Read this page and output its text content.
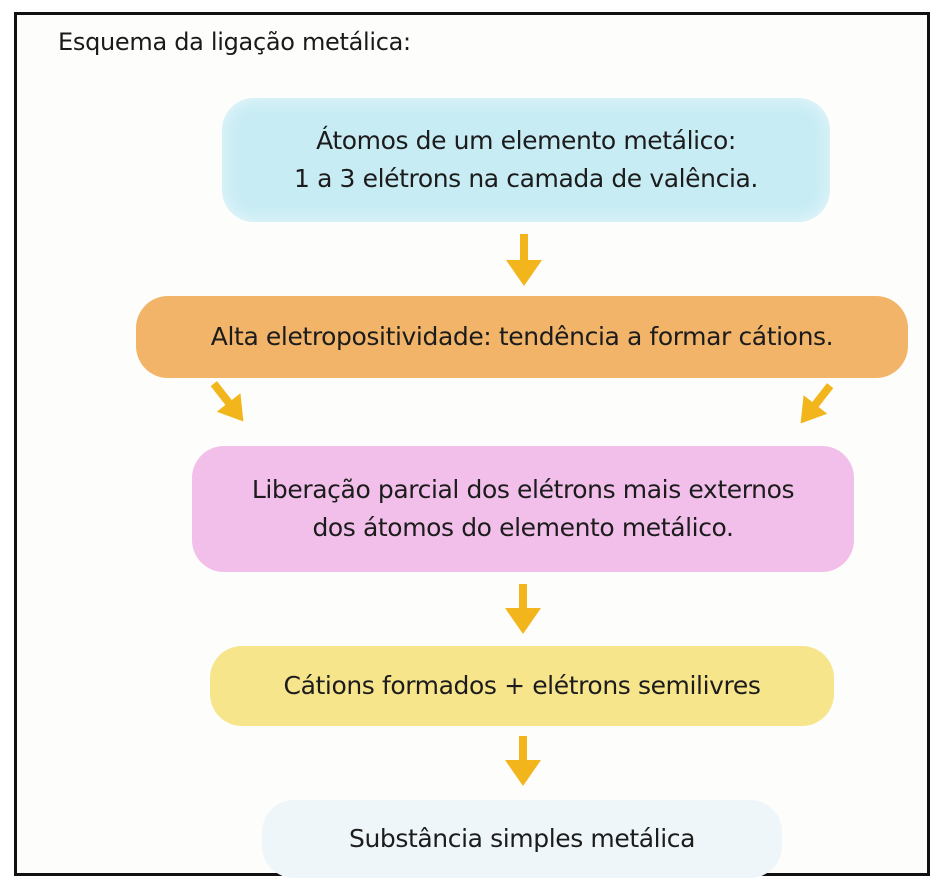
Esquema da ligação metálica:
Átomos de um elemento metálico:
1 a 3 elétrons na camada de valência.
Alta eletropositividade: tendência a formar cátions.
Liberação parcial dos elétrons mais externos
dos átomos do elemento metálico.
Cátions formados + elétrons semilivres
Substância simples metálica
